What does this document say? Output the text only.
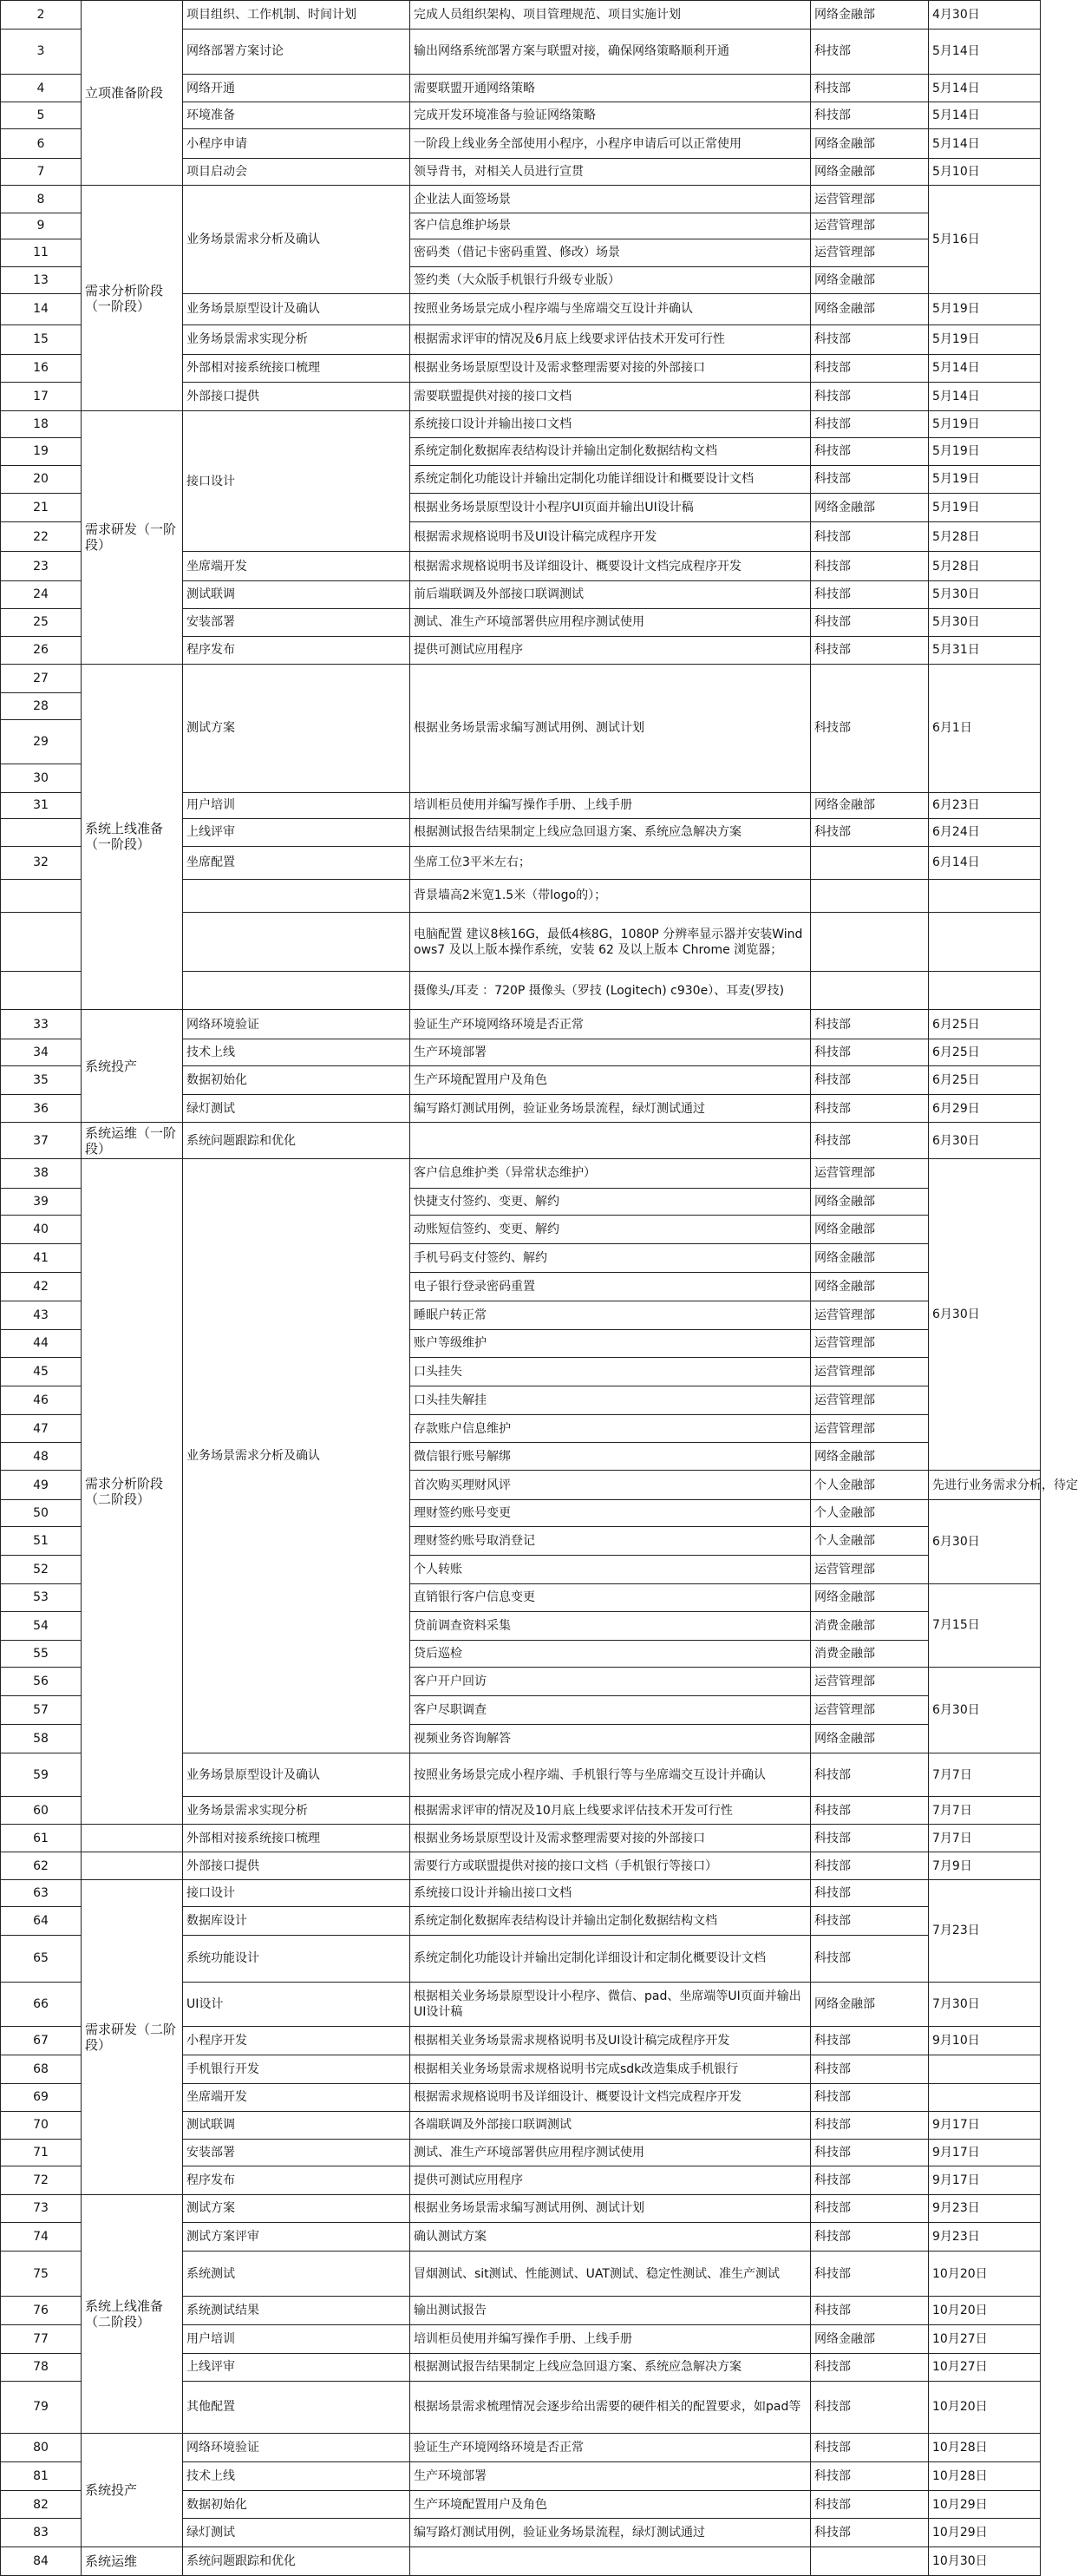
2	立项准备阶段	项目组织、工作机制、时间计划	完成人员组织架构、项目管理规范、项目实施计划	网络金融部	4月30日
3		网络部署方案讨论	输出网络系统部署方案与联盟对接，确保网络策略顺利开通	科技部	5月14日
4		网络开通	需要联盟开通网络策略	科技部	5月14日
5		环境准备	完成开发环境准备与验证网络策略	科技部	5月14日
6		小程序申请	一阶段上线业务全部使用小程序，小程序申请后可以正常使用	网络金融部	5月14日
7		项目启动会	领导背书，对相关人员进行宣贯	网络金融部	5月10日
8	需求分析阶段（一阶段）	业务场景需求分析及确认	企业法人面签场景	运营管理部	5月16日
9			客户信息维护场景	运营管理部	
11			密码类（借记卡密码重置、修改）场景	运营管理部	
13			签约类（大众版手机银行升级专业版）	网络金融部	
14		业务场景原型设计及确认	按照业务场景完成小程序端与坐席端交互设计并确认	网络金融部	5月19日
15		业务场景需求实现分析	根据需求评审的情况及6月底上线要求评估技术开发可行性	科技部	5月19日
16		外部相对接系统接口梳理	根据业务场景原型设计及需求整理需要对接的外部接口	科技部	5月14日
17		外部接口提供	需要联盟提供对接的接口文档	科技部	5月14日
18	需求研发（一阶段）	接口设计	系统接口设计并输出接口文档	科技部	5月19日
19			系统定制化数据库表结构设计并输出定制化数据结构文档	科技部	5月19日
20			系统定制化功能设计并输出定制化功能详细设计和概要设计文档	科技部	5月19日
21			根据业务场景原型设计小程序UI页面并输出UI设计稿	网络金融部	5月19日
22			根据需求规格说明书及UI设计稿完成程序开发	科技部	5月28日
23		坐席端开发	根据需求规格说明书及详细设计、概要设计文档完成程序开发	科技部	5月28日
24		测试联调	前后端联调及外部接口联调测试	科技部	5月30日
25		安装部署	测试、准生产环境部署供应用程序测试使用	科技部	5月30日
26		程序发布	提供可测试应用程序	科技部	5月31日
27	系统上线准备（一阶段）	测试方案	根据业务场景需求编写测试用例、测试计划	科技部	6月1日
28					
29					
30					
31		用户培训	培训柜员使用并编写操作手册、上线手册	网络金融部	6月23日
		上线评审	根据测试报告结果制定上线应急回退方案、系统应急解决方案	科技部	6月24日
32		坐席配置	坐席工位3平米左右；		6月14日
			背景墙高2米宽1.5米（带logo的）；		
			电脑配置 建议8核16G，最低4核8G，1080P 分辨率显示器并安装Windows7 及以上版本操作系统，安装 62 及以上版本 Chrome 浏览器；		
			摄像头/耳麦 ：720P 摄像头（罗技 (Logitech) c930e）、耳麦(罗技)		
33	系统投产	网络环境验证	验证生产环境网络环境是否正常	科技部	6月25日
34		技术上线	生产环境部署	科技部	6月25日
35		数据初始化	生产环境配置用户及角色	科技部	6月25日
36		绿灯测试	编写路灯测试用例，验证业务场景流程，绿灯测试通过	科技部	6月29日
37	系统运维（一阶段）	系统问题跟踪和优化		科技部	6月30日
38	需求分析阶段（二阶段）	业务场景需求分析及确认	客户信息维护类（异常状态维护）	运营管理部	6月30日
39			快捷支付签约、变更、解约	网络金融部	
40			动账短信签约、变更、解约	网络金融部	
41			手机号码支付签约、解约	网络金融部	
42			电子银行登录密码重置	网络金融部	
43			睡眠户转正常	运营管理部	
44			账户等级维护	运营管理部	
45			口头挂失	运营管理部	
46			口头挂失解挂	运营管理部	
47			存款账户信息维护	运营管理部	
48			微信银行账号解绑	网络金融部	
49			首次购买理财风评	个人金融部	先进行业务需求分析，待定
50			理财签约账号变更	个人金融部	6月30日
51			理财签约账号取消登记	个人金融部	
52			个人转账	运营管理部	
53			直销银行客户信息变更	网络金融部	7月15日
54			贷前调查资料采集	消费金融部	
55			贷后巡检	消费金融部	
56			客户开户回访	运营管理部	6月30日
57			客户尽职调查	运营管理部	
58			视频业务咨询解答	网络金融部	
59		业务场景原型设计及确认	按照业务场景完成小程序端、手机银行等与坐席端交互设计并确认	科技部	7月7日
60		业务场景需求实现分析	根据需求评审的情况及10月底上线要求评估技术开发可行性	科技部	7月7日
61		外部相对接系统接口梳理	根据业务场景原型设计及需求整理需要对接的外部接口	科技部	7月7日
62		外部接口提供	需要行方或联盟提供对接的接口文档（手机银行等接口）	科技部	7月9日
63	需求研发（二阶段）	接口设计	系统接口设计并输出接口文档	科技部	7月23日
64		数据库设计	系统定制化数据库表结构设计并输出定制化数据结构文档	科技部	
65		系统功能设计	系统定制化功能设计并输出定制化详细设计和定制化概要设计文档	科技部	
66		UI设计	根据相关业务场景原型设计小程序、微信、pad、坐席端等UI页面并输出UI设计稿	网络金融部	7月30日
67		小程序开发	根据相关业务场景需求规格说明书及UI设计稿完成程序开发	科技部	9月10日
68		手机银行开发	根据相关业务场景需求规格说明书完成sdk改造集成手机银行	科技部	
69		坐席端开发	根据需求规格说明书及详细设计、概要设计文档完成程序开发	科技部	
70		测试联调	各端联调及外部接口联调测试	科技部	9月17日
71		安装部署	测试、准生产环境部署供应用程序测试使用	科技部	9月17日
72		程序发布	提供可测试应用程序	科技部	9月17日
73	系统上线准备（二阶段）	测试方案	根据业务场景需求编写测试用例、测试计划	科技部	9月23日
74		测试方案评审	确认测试方案	科技部	9月23日
75		系统测试	冒烟测试、sit测试、性能测试、UAT测试、稳定性测试、准生产测试	科技部	10月20日
76		系统测试结果	输出测试报告	科技部	10月20日
77		用户培训	培训柜员使用并编写操作手册、上线手册	网络金融部	10月27日
78		上线评审	根据测试报告结果制定上线应急回退方案、系统应急解决方案	科技部	10月27日
79		其他配置	根据场景需求梳理情况会逐步给出需要的硬件相关的配置要求，如pad等	科技部	10月20日
80	系统投产	网络环境验证	验证生产环境网络环境是否正常	科技部	10月28日
81		技术上线	生产环境部署	科技部	10月28日
82		数据初始化	生产环境配置用户及角色	科技部	10月29日
83		绿灯测试	编写路灯测试用例，验证业务场景流程，绿灯测试通过	科技部	10月29日
84	系统运维	系统问题跟踪和优化			10月30日
